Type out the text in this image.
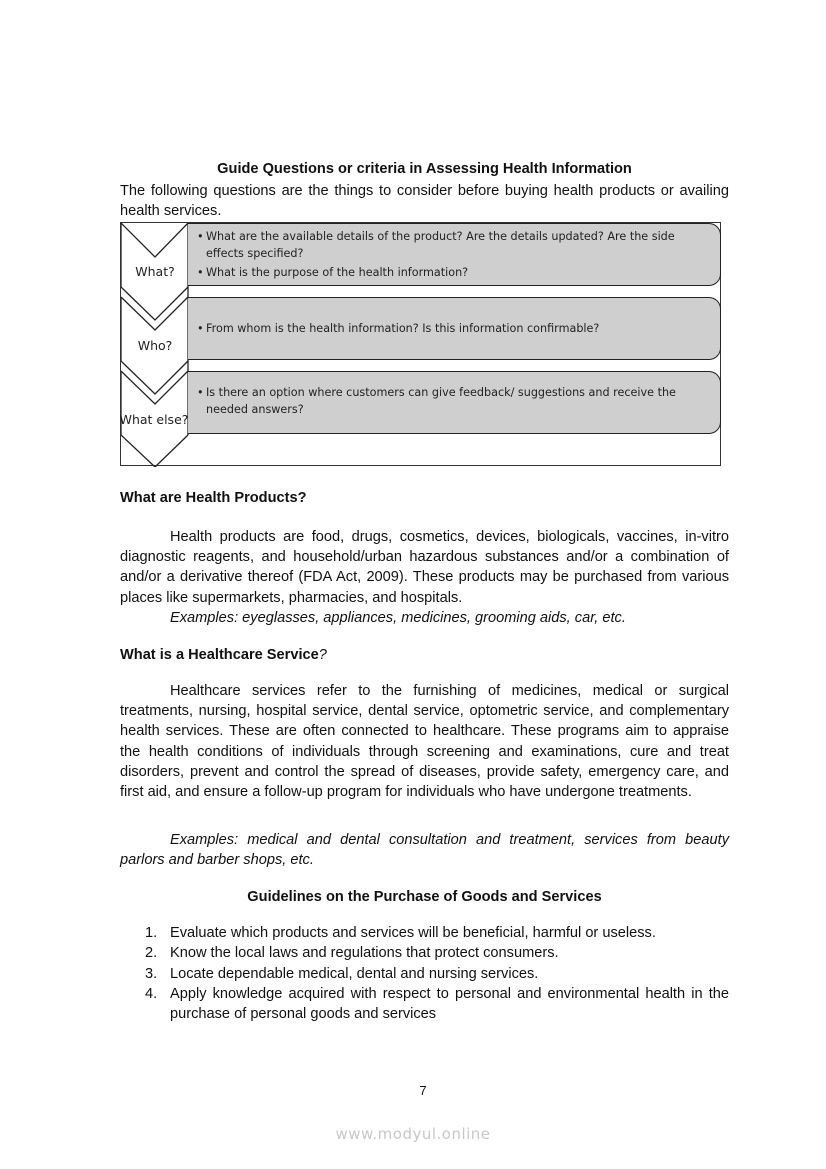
Guide Questions or criteria in Assessing Health Information
The following questions are the things to consider before buying health products or availing health services.
What?
Who?
What else?
• What are the available details of the product? Are the details updated? Are the side effects specified?
• What is the purpose of the health information?
• From whom is the health information? Is this information confirmable?
• Is there an option where customers can give feedback/ suggestions and receive the needed answers?
What are Health Products?
Health products are food, drugs, cosmetics, devices, biologicals, vaccines, in-vitro diagnostic reagents, and household/urban hazardous substances and/or a combination of and/or a derivative thereof (FDA Act, 2009). These products may be purchased from various places like supermarkets, pharmacies, and hospitals.
Examples: eyeglasses, appliances, medicines, grooming aids, car, etc.
What is a Healthcare Service?
Healthcare services refer to the furnishing of medicines, medical or surgical treatments, nursing, hospital service, dental service, optometric service, and complementary health services. These are often connected to healthcare. These programs aim to appraise the health conditions of individuals through screening and examinations, cure and treat disorders, prevent and control the spread of diseases, provide safety, emergency care, and first aid, and ensure a follow-up program for individuals who have undergone treatments.
Examples: medical and dental consultation and treatment, services from beauty parlors and barber shops, etc.
Guidelines on the Purchase of Goods and Services
1. Evaluate which products and services will be beneficial, harmful or useless.
2. Know the local laws and regulations that protect consumers.
3. Locate dependable medical, dental and nursing services.
4. Apply knowledge acquired with respect to personal and environmental health in the purchase of personal goods and services
7
www.modyul.online
